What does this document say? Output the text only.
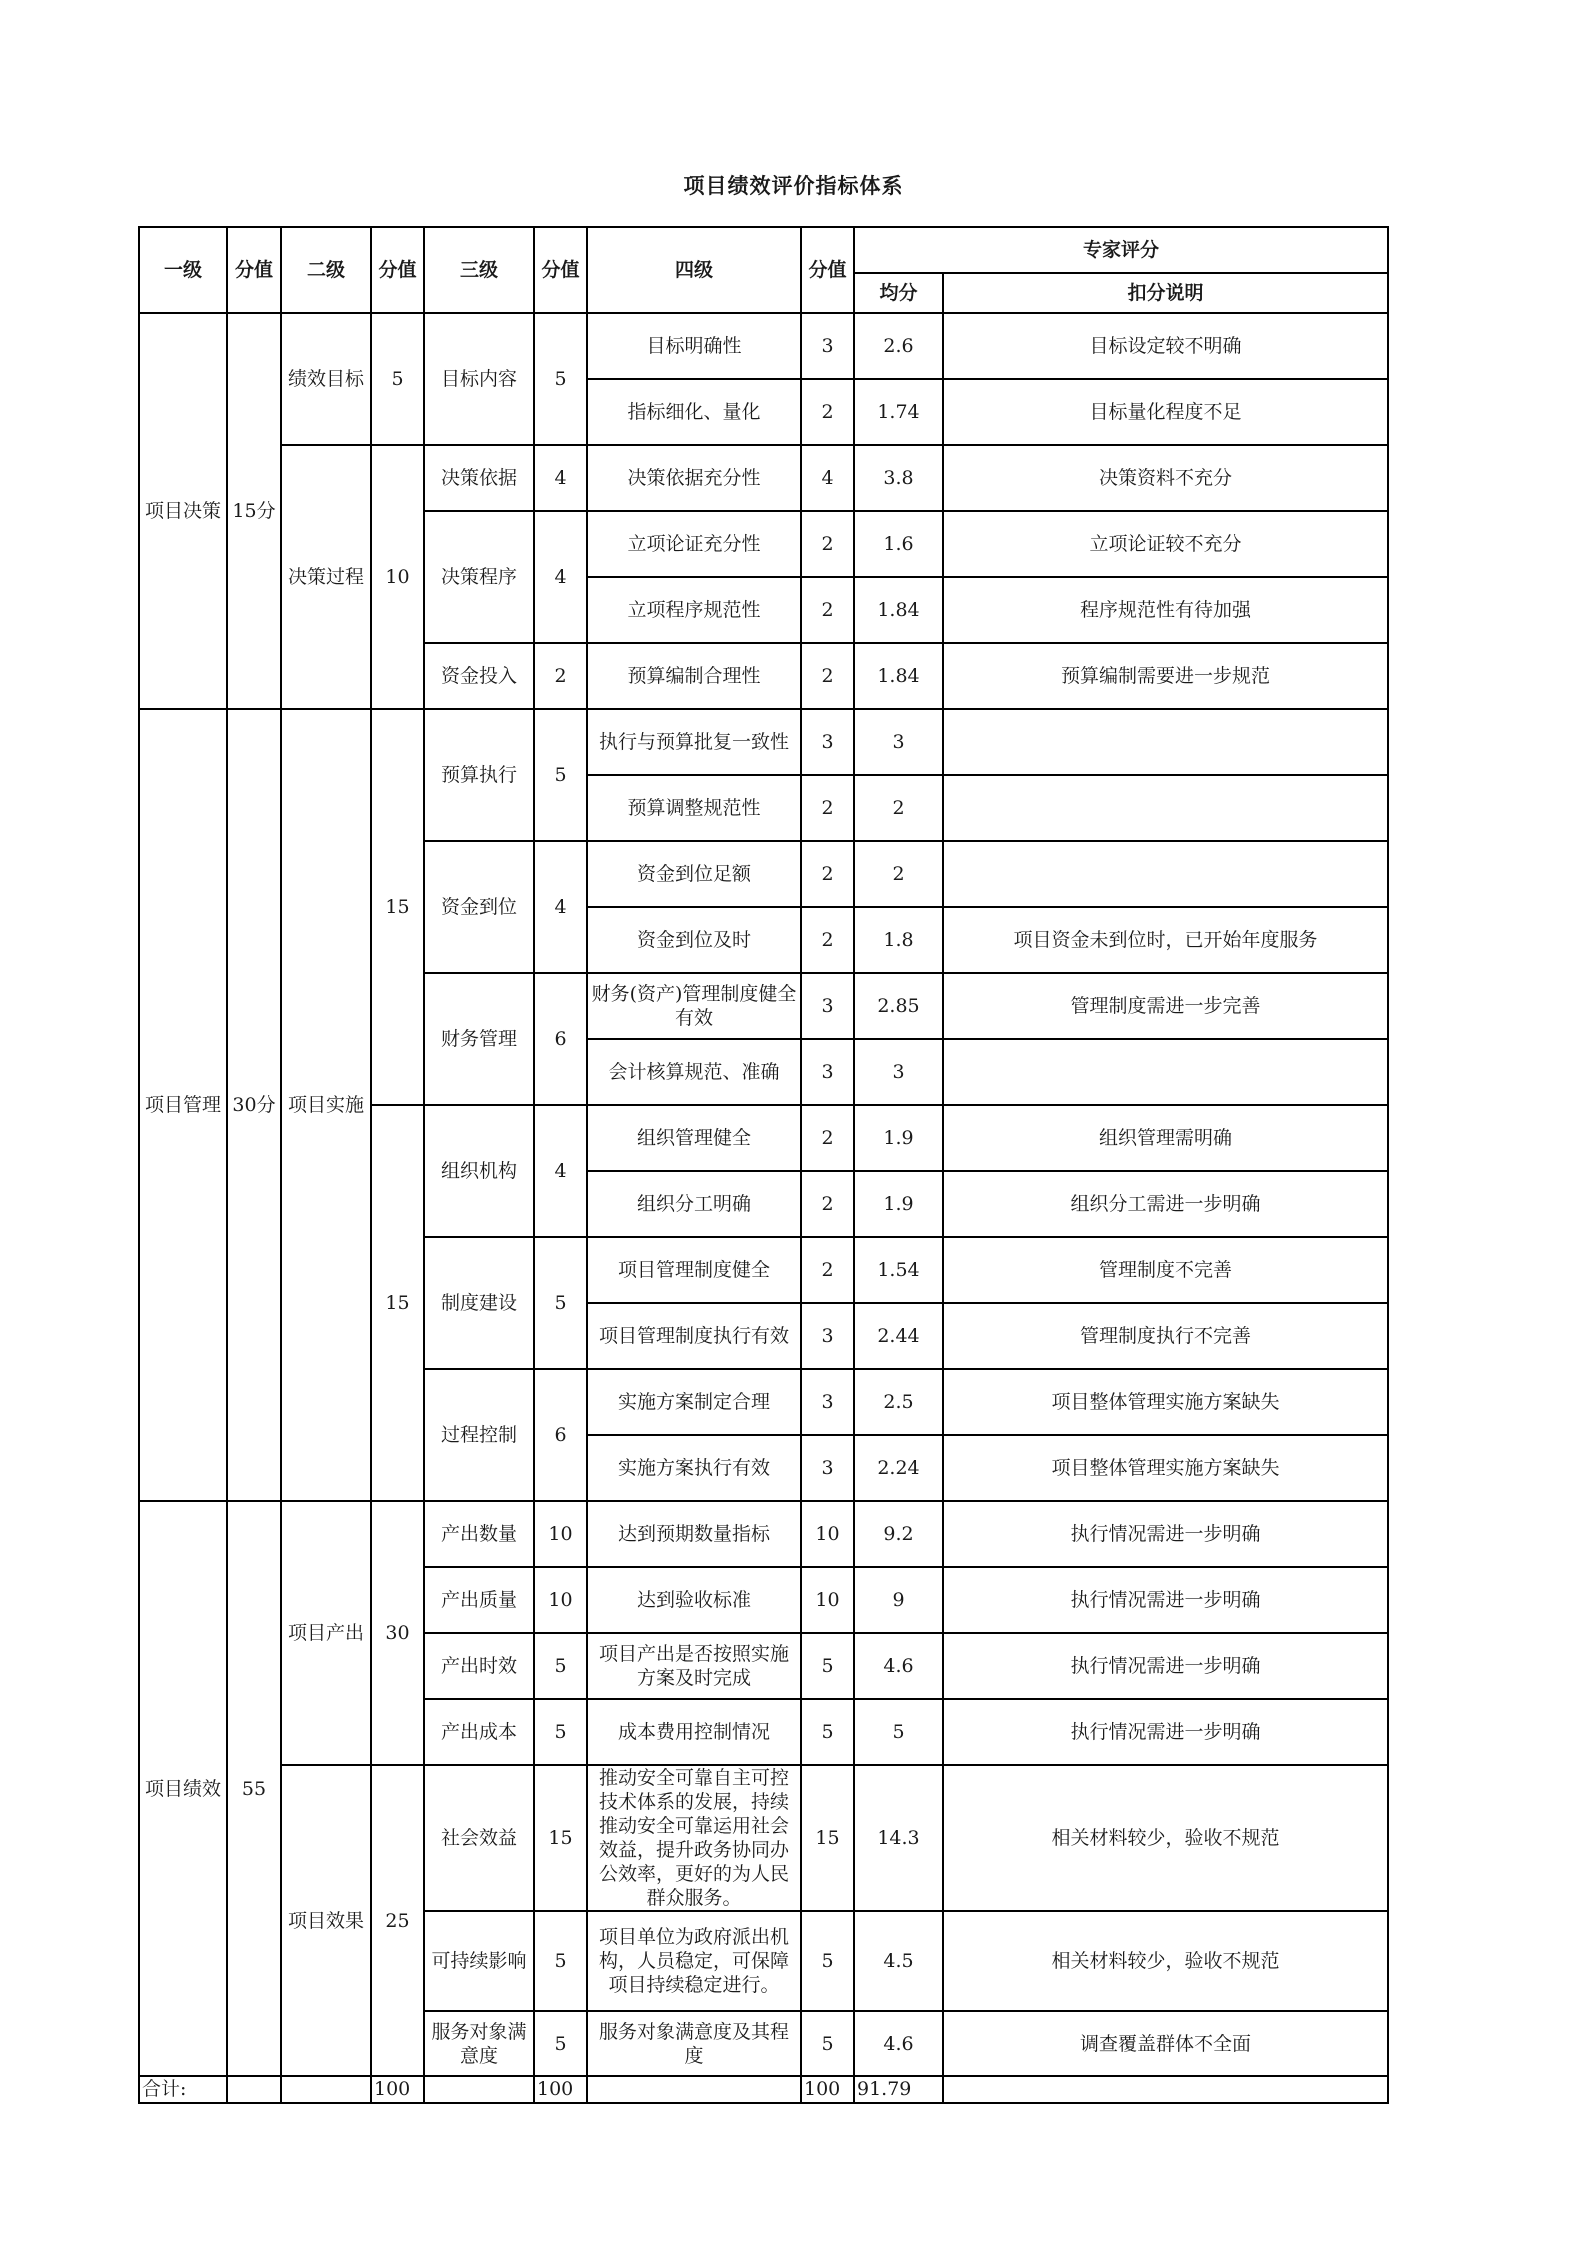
项目绩效评价指标体系
一级	分值	二级	分值	三级	分值	四级	分值	专家评分	
								均分	扣分说明
项目决策	15分	绩效目标	5	目标内容	5	目标明确性	3	2.6	目标设定较不明确
						指标细化、量化	2	1.74	目标量化程度不足
		决策过程	10	决策依据	4	决策依据充分性	4	3.8	决策资料不充分
				决策程序	4	立项论证充分性	2	1.6	立项论证较不充分
						立项程序规范性	2	1.84	程序规范性有待加强
				资金投入	2	预算编制合理性	2	1.84	预算编制需要进一步规范
项目管理	30分	项目实施	15	预算执行	5	执行与预算批复一致性	3	3	
						预算调整规范性	2	2	
				资金到位	4	资金到位足额	2	2	
						资金到位及时	2	1.8	项目资金未到位时，已开始年度服务
				财务管理	6	财务(资产)管理制度健全有效	3	2.85	管理制度需进一步完善
						会计核算规范、准确	3	3	
			15	组织机构	4	组织管理健全	2	1.9	组织管理需明确
						组织分工明确	2	1.9	组织分工需进一步明确
				制度建设	5	项目管理制度健全	2	1.54	管理制度不完善
						项目管理制度执行有效	3	2.44	管理制度执行不完善
				过程控制	6	实施方案制定合理	3	2.5	项目整体管理实施方案缺失
						实施方案执行有效	3	2.24	项目整体管理实施方案缺失
项目绩效	55	项目产出	30	产出数量	10	达到预期数量指标	10	9.2	执行情况需进一步明确
				产出质量	10	达到验收标准	10	9	执行情况需进一步明确
				产出时效	5	项目产出是否按照实施方案及时完成	5	4.6	执行情况需进一步明确
				产出成本	5	成本费用控制情况	5	5	执行情况需进一步明确
		项目效果	25	社会效益	15	推动安全可靠自主可控技术体系的发展，持续推动安全可靠运用社会效益，提升政务协同办公效率，更好的为人民群众服务。	15	14.3	相关材料较少，验收不规范
				可持续影响	5	项目单位为政府派出机构，人员稳定，可保障项目持续稳定进行。	5	4.5	相关材料较少，验收不规范
				服务对象满意度	5	服务对象满意度及其程度	5	4.6	调查覆盖群体不全面
合计:			100		100		100	91.79	
